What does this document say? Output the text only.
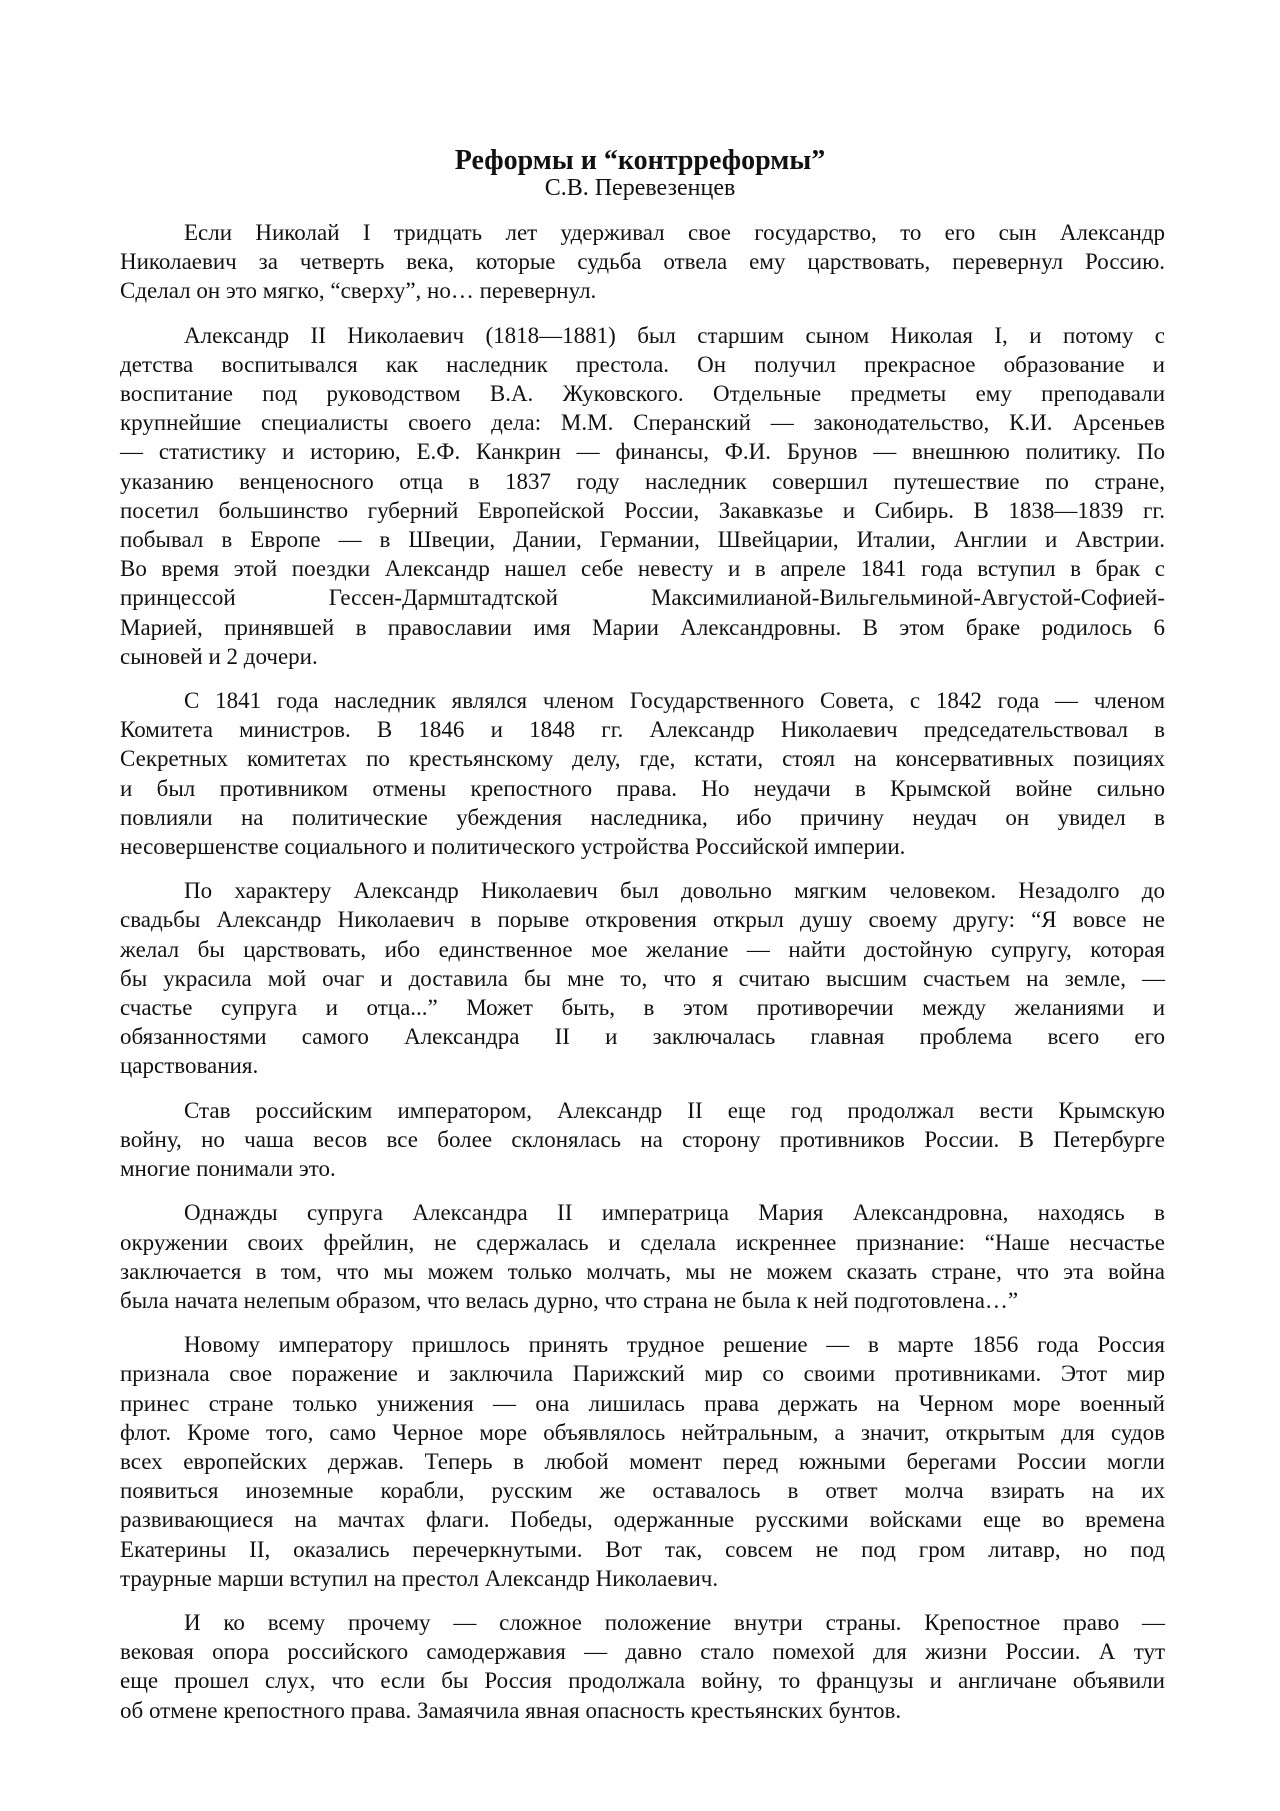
Реформы и “контрреформы”
С.В. Перевезенцев
Если Николай I тридцать лет удерживал свое государство, то его сын Александр
Николаевич за четверть века, которые судьба отвела ему царствовать, перевернул Россию.
Сделал он это мягко, “сверху”, но… перевернул.
Александр II Николаевич (1818—1881) был старшим сыном Николая I, и потому с
детства воспитывался как наследник престола. Он получил прекрасное образование и
воспитание под руководством В.А. Жуковского. Отдельные предметы ему преподавали
крупнейшие специалисты своего дела: М.М. Сперанский — законодательство, К.И. Арсеньев
— статистику и историю, Е.Ф. Канкрин — финансы, Ф.И. Брунов — внешнюю политику. По
указанию венценосного отца в 1837 году наследник совершил путешествие по стране,
посетил большинство губерний Европейской России, Закавказье и Сибирь. В 1838—1839 гг.
побывал в Европе — в Швеции, Дании, Германии, Швейцарии, Италии, Англии и Австрии.
Во время этой поездки Александр нашел себе невесту и в апреле 1841 года вступил в брак с
принцессой Гессен-Дармштадтской Максимилианой-Вильгельминой-Августой-Софией-
Марией, принявшей в православии имя Марии Александровны. В этом браке родилось 6
сыновей и 2 дочери.
С 1841 года наследник являлся членом Государственного Совета, с 1842 года — членом
Комитета министров. В 1846 и 1848 гг. Александр Николаевич председательствовал в
Секретных комитетах по крестьянскому делу, где, кстати, стоял на консервативных позициях
и был противником отмены крепостного права. Но неудачи в Крымской войне сильно
повлияли на политические убеждения наследника, ибо причину неудач он увидел в
несовершенстве социального и политического устройства Российской империи.
По характеру Александр Николаевич был довольно мягким человеком. Незадолго до
свадьбы Александр Николаевич в порыве откровения открыл душу своему другу: “Я вовсе не
желал бы царствовать, ибо единственное мое желание — найти достойную супругу, которая
бы украсила мой очаг и доставила бы мне то, что я считаю высшим счастьем на земле, —
счастье супруга и отца...” Может быть, в этом противоречии между желаниями и
обязанностями самого Александра II и заключалась главная проблема всего его
царствования.
Став российским императором, Александр II еще год продолжал вести Крымскую
войну, но чаша весов все более склонялась на сторону противников России. В Петербурге
многие понимали это.
Однажды супруга Александра II императрица Мария Александровна, находясь в
окружении своих фрейлин, не сдержалась и сделала искреннее признание: “Наше несчастье
заключается в том, что мы можем только молчать, мы не можем сказать стране, что эта война
была начата нелепым образом, что велась дурно, что страна не была к ней подготовлена…”
Новому императору пришлось принять трудное решение — в марте 1856 года Россия
признала свое поражение и заключила Парижский мир со своими противниками. Этот мир
принес стране только унижения — она лишилась права держать на Черном море военный
флот. Кроме того, само Черное море объявлялось нейтральным, а значит, открытым для судов
всех европейских держав. Теперь в любой момент перед южными берегами России могли
появиться иноземные корабли, русским же оставалось в ответ молча взирать на их
развивающиеся на мачтах флаги. Победы, одержанные русскими войсками еще во времена
Екатерины II, оказались перечеркнутыми. Вот так, совсем не под гром литавр, но под
траурные марши вступил на престол Александр Николаевич.
И ко всему прочему — сложное положение внутри страны. Крепостное право —
вековая опора российского самодержавия — давно стало помехой для жизни России. А тут
еще прошел слух, что если бы Россия продолжала войну, то французы и англичане объявили
об отмене крепостного права. Замаячила явная опасность крестьянских бунтов.
